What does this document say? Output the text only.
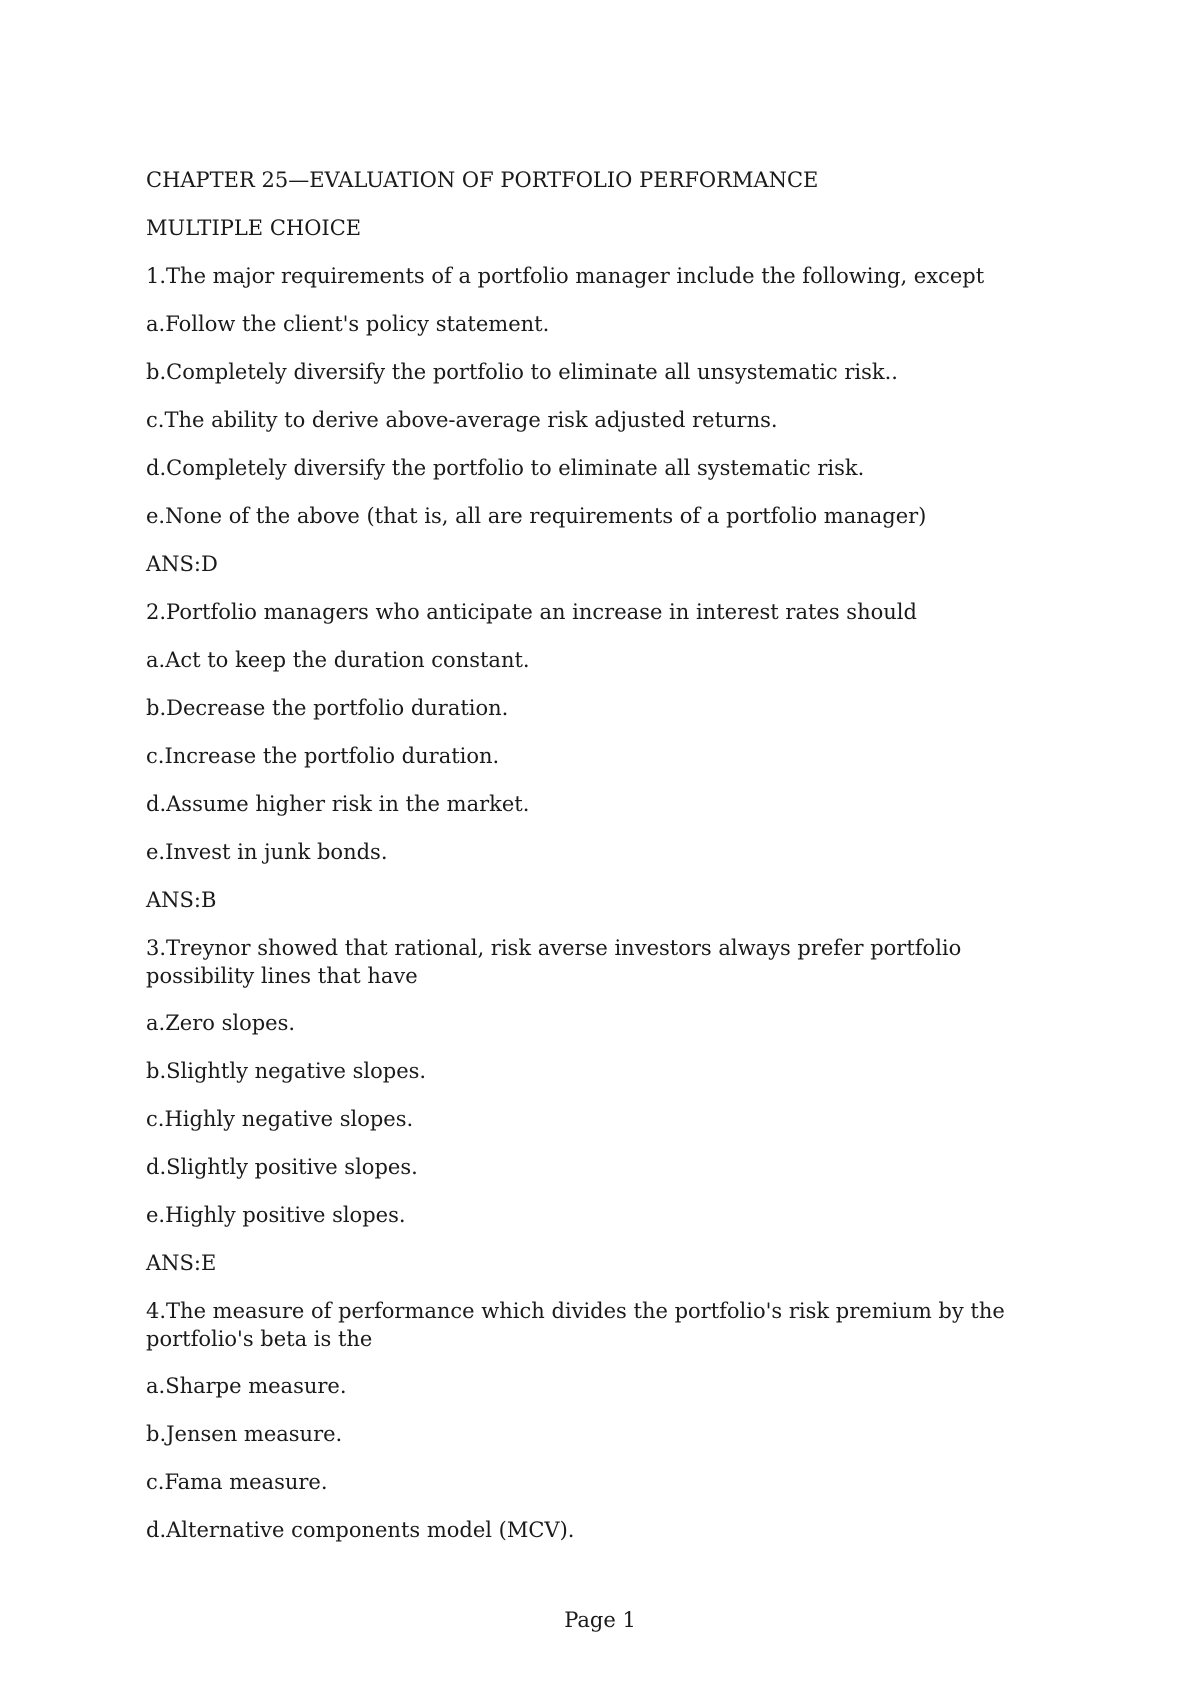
CHAPTER 25—EVALUATION OF PORTFOLIO PERFORMANCE

MULTIPLE CHOICE

1.The major requirements of a portfolio manager include the following, except

a.Follow the client's policy statement.

b.Completely diversify the portfolio to eliminate all unsystematic risk..

c.The ability to derive above-average risk adjusted returns.

d.Completely diversify the portfolio to eliminate all systematic risk.

e.None of the above (that is, all are requirements of a portfolio manager)

ANS:D

2.Portfolio managers who anticipate an increase in interest rates should

a.Act to keep the duration constant.

b.Decrease the portfolio duration.

c.Increase the portfolio duration.

d.Assume higher risk in the market.

e.Invest in junk bonds.

ANS:B

3.Treynor showed that rational, risk averse investors always prefer portfolio possibility lines that have

a.Zero slopes.

b.Slightly negative slopes.

c.Highly negative slopes.

d.Slightly positive slopes.

e.Highly positive slopes.

ANS:E

4.The measure of performance which divides the portfolio's risk premium by the portfolio's beta is the

a.Sharpe measure.

b.Jensen measure.

c.Fama measure.

d.Alternative components model (MCV).

Page 1
